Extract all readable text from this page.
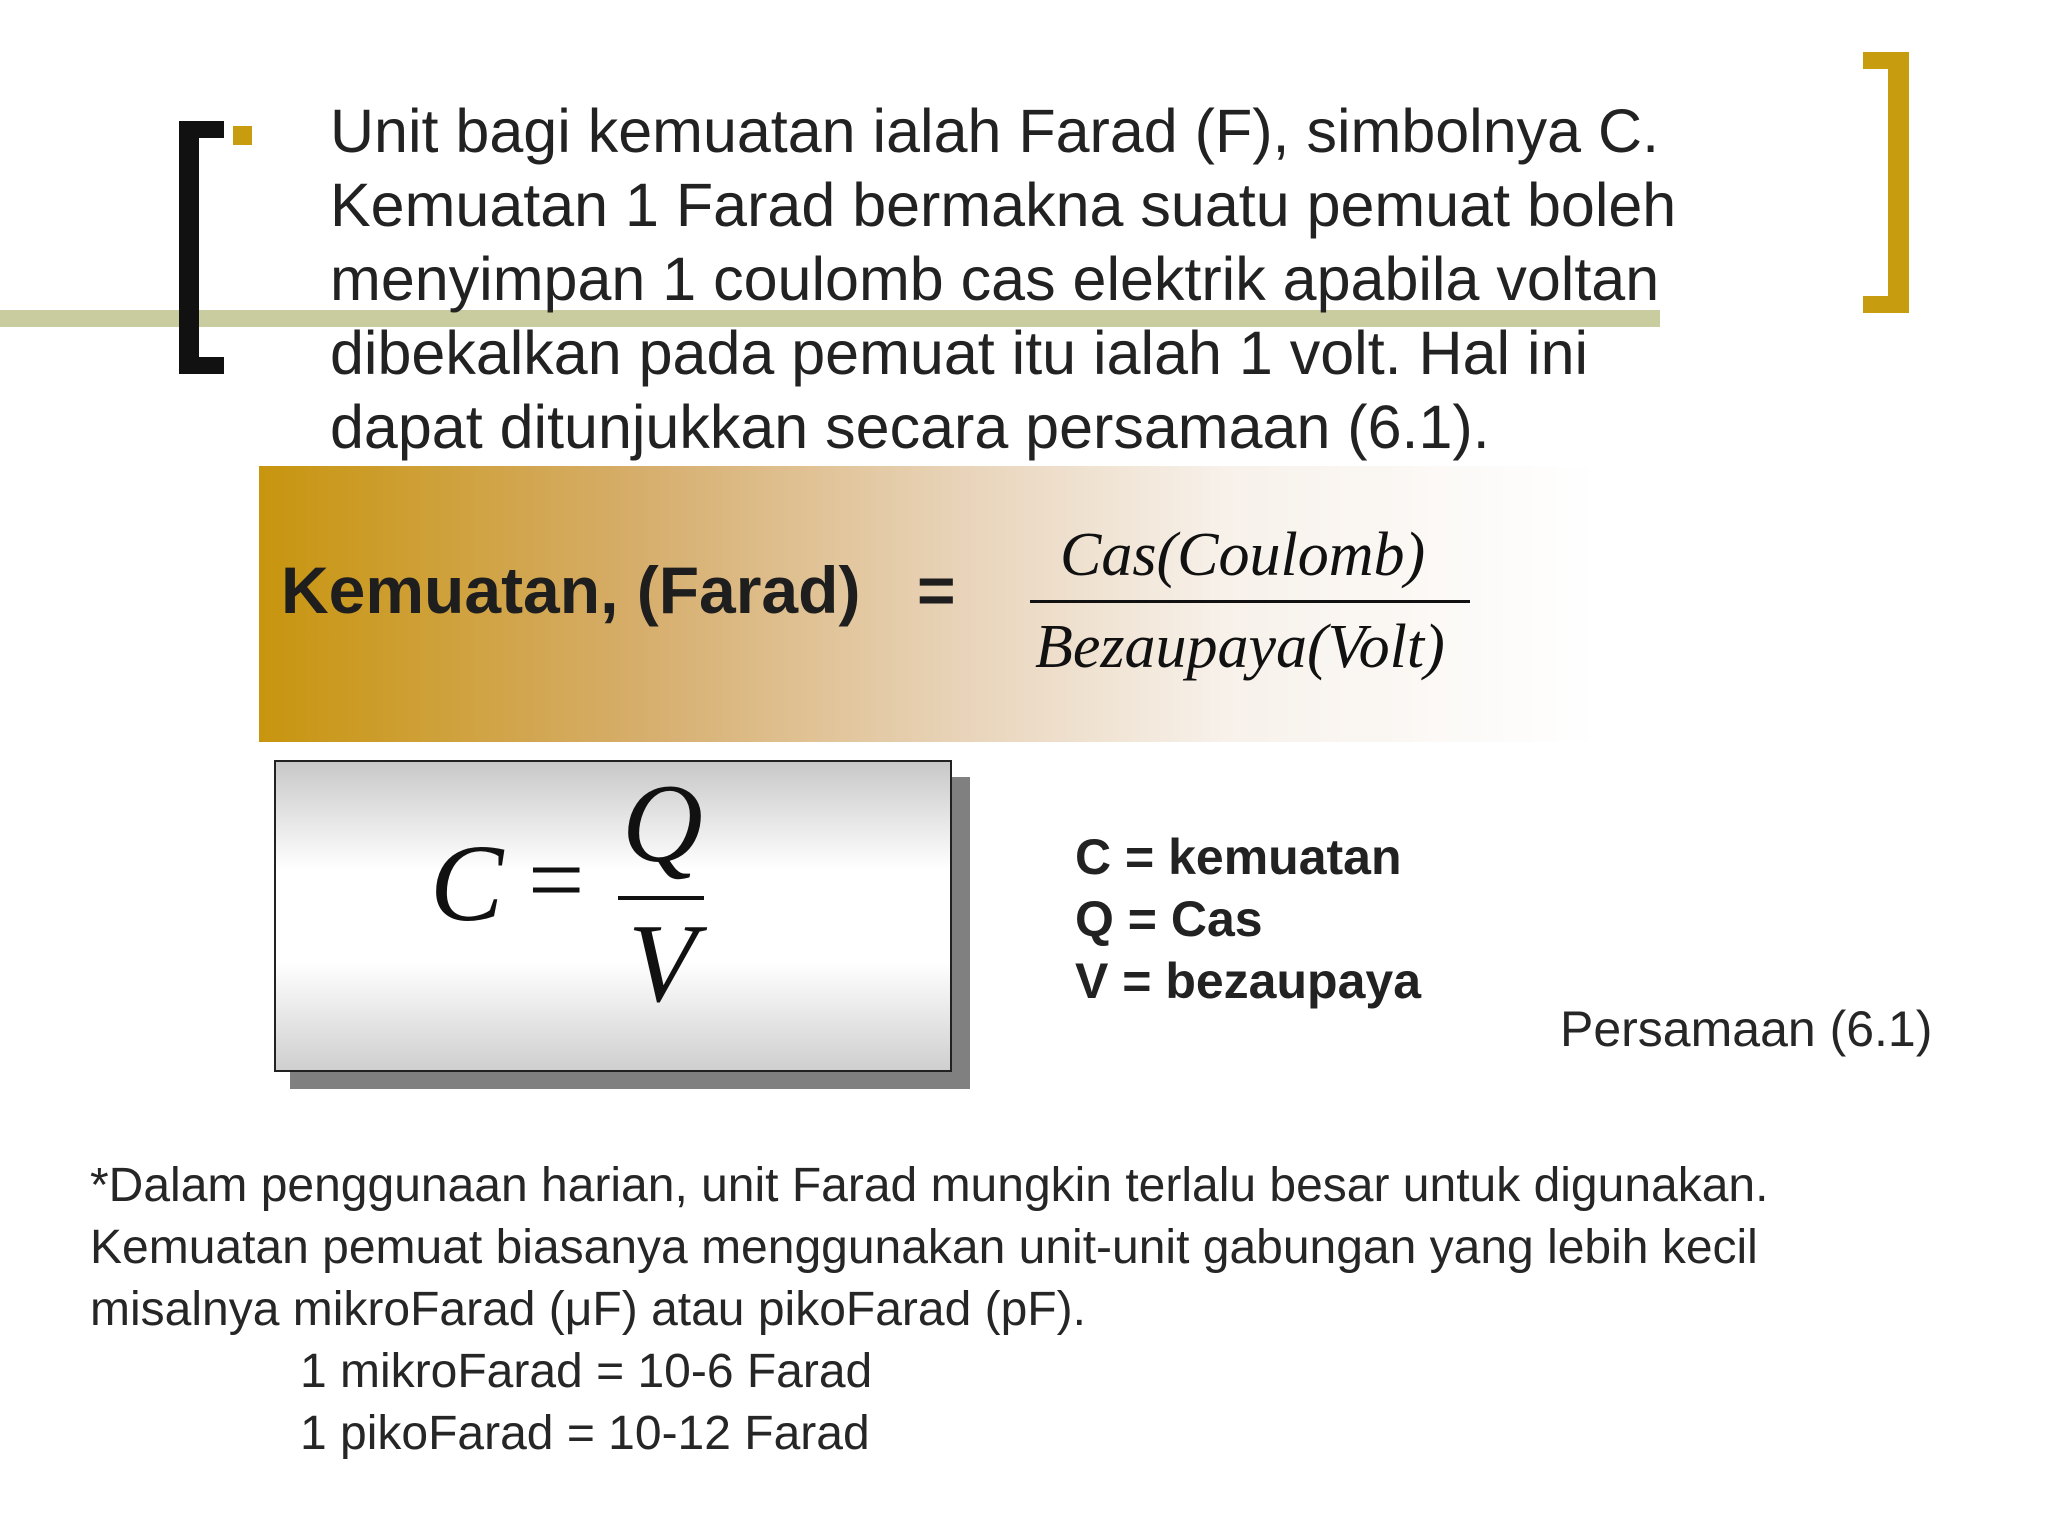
Unit bagi kemuatan ialah Farad (F), simbolnya C.
Kemuatan 1 Farad bermakna suatu pemuat boleh
menyimpan 1 coulomb cas elektrik apabila voltan
dibekalkan pada pemuat itu ialah 1 volt. Hal ini
dapat ditunjukkan secara persamaan (6.1).
Kemuatan, (Farad) = Cas(Coulomb)
Bezaupaya(Volt)
C = Q
V
C = kemuatan
Q = Cas
V = bezaupaya
Persamaan (6.1)
*Dalam penggunaan harian, unit Farad mungkin terlalu besar untuk digunakan.
Kemuatan pemuat biasanya menggunakan unit-unit gabungan yang lebih kecil
misalnya mikroFarad (μF) atau pikoFarad (pF).
1 mikroFarad = 10-6 Farad
1 pikoFarad = 10-12 Farad
